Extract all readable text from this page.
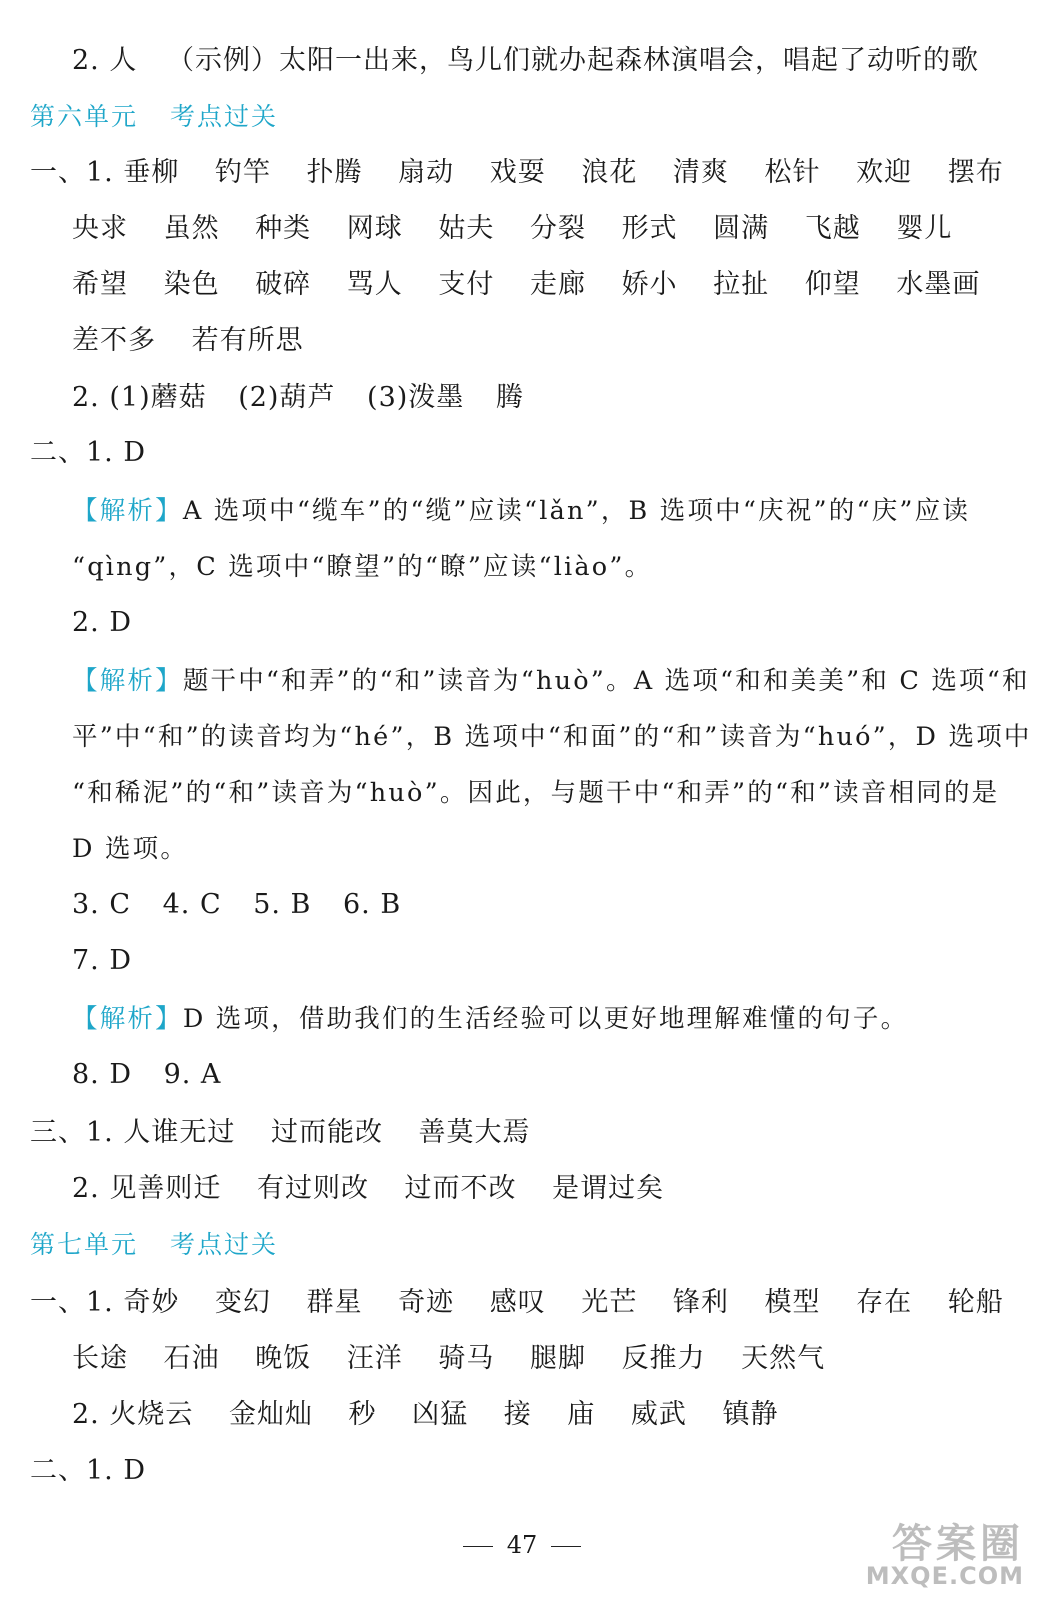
2. 人 （示例）太阳一出来，鸟儿们就办起森林演唱会，唱起了动听的歌
第六单元 考点过关
一、1. 垂柳 钓竿 扑腾 扇动 戏耍 浪花 清爽 松针 欢迎 摆布
央求 虽然 种类 网球 姑夫 分裂 形式 圆满 飞越 婴儿
希望 染色 破碎 骂人 支付 走廊 娇小 拉扯 仰望 水墨画
差不多 若有所思
2. (1)蘑菇 (2)葫芦 (3)泼墨 腾
二、1. D
【解析】A 选项中“缆车”的“缆”应读“lǎn”，B 选项中“庆祝”的“庆”应读
“qìng”，C 选项中“瞭望”的“瞭”应读“liào”。
2. D
【解析】题干中“和弄”的“和”读音为“huò”。A 选项“和和美美”和 C 选项“和
平”中“和”的读音均为“hé”，B 选项中“和面”的“和”读音为“huó”，D 选项中
“和稀泥”的“和”读音为“huò”。因此，与题干中“和弄”的“和”读音相同的是
D 选项。
3. C 4. C 5. B 6. B
7. D
【解析】D 选项，借助我们的生活经验可以更好地理解难懂的句子。
8. D 9. A
三、1. 人谁无过 过而能改 善莫大焉
2. 见善则迁 有过则改 过而不改 是谓过矣
第七单元 考点过关
一、1. 奇妙 变幻 群星 奇迹 感叹 光芒 锋利 模型 存在 轮船
长途 石油 晚饭 汪洋 骑马 腿脚 反推力 天然气
2. 火烧云 金灿灿 秒 凶猛 接 庙 威武 镇静
二、1. D
47	答案圈
MXQE.COM
